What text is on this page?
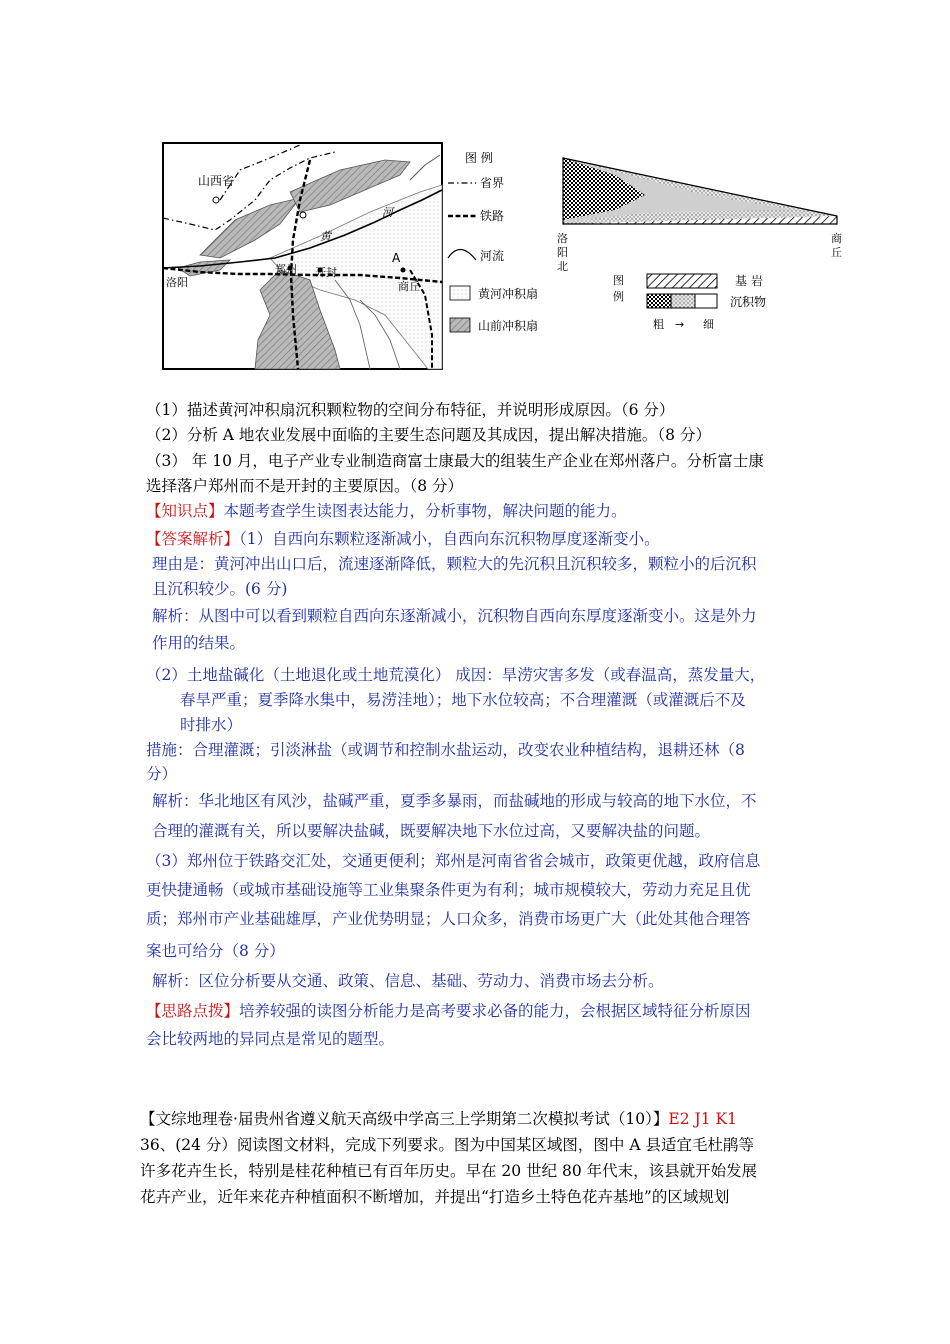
山西省
洛阳
郑州 开封
商丘
黄
河
A
图 例
省界
铁路
河流
黄河冲积扇
山前冲积扇
洛阳北
商丘
图例
基 岩
沉积物
粗 → 细
（1）描述黄河冲积扇沉积颗粒物的空间分布特征，并说明形成原因。（6 分）
（2）分析 A 地农业发展中面临的主要生态问题及其成因，提出解决措施。（8 分）
（3） 年 10 月，电子产业专业制造商富士康最大的组装生产企业在郑州落户。分析富士康
选择落户郑州而不是开封的主要原因。（8 分）
【知识点】本题考查学生读图表达能力，分析事物，解决问题的能力。
【答案解析】（1）自西向东颗粒逐渐减小，自西向东沉积物厚度逐渐变小。
理由是：黄河冲出山口后，流速逐渐降低，颗粒大的先沉积且沉积较多，颗粒小的后沉积
且沉积较少。(6 分)
解析：从图中可以看到颗粒自西向东逐渐减小，沉积物自西向东厚度逐渐变小。这是外力
作用的结果。
（2）土地盐碱化（土地退化或土地荒漠化） 成因：旱涝灾害多发（或春温高，蒸发量大，
春旱严重；夏季降水集中，易涝洼地）；地下水位较高；不合理灌溉（或灌溉后不及
时排水）
措施：合理灌溉；引淡淋盐（或调节和控制水盐运动，改变农业种植结构，退耕还林（8
分）
解析：华北地区有风沙，盐碱严重，夏季多暴雨，而盐碱地的形成与较高的地下水位，不
合理的灌溉有关，所以要解决盐碱，既要解决地下水位过高，又要解决盐的问题。
（3）郑州位于铁路交汇处，交通更便利；郑州是河南省省会城市，政策更优越，政府信息
更快捷通畅（或城市基础设施等工业集聚条件更为有利；城市规模较大，劳动力充足且优
质；郑州市产业基础雄厚，产业优势明显；人口众多，消费市场更广大（此处其他合理答
案也可给分（8 分）
解析：区位分析要从交通、政策、信息、基础、劳动力、消费市场去分析。
【思路点拨】培养较强的读图分析能力是高考要求必备的能力，会根据区域特征分析原因
会比较两地的异同点是常见的题型。
【文综地理卷·届贵州省遵义航天高级中学高三上学期第二次模拟考试（10）】E2 J1 K1
36、(24 分）阅读图文材料，完成下列要求。图为中国某区域图，图中 A 县适宜毛杜鹃等
许多花卉生长，特别是桂花种植已有百年历史。早在 20 世纪 80 年代末，该县就开始发展
花卉产业，近年来花卉种植面积不断增加，并提出“打造乡土特色花卉基地”的区域规划
